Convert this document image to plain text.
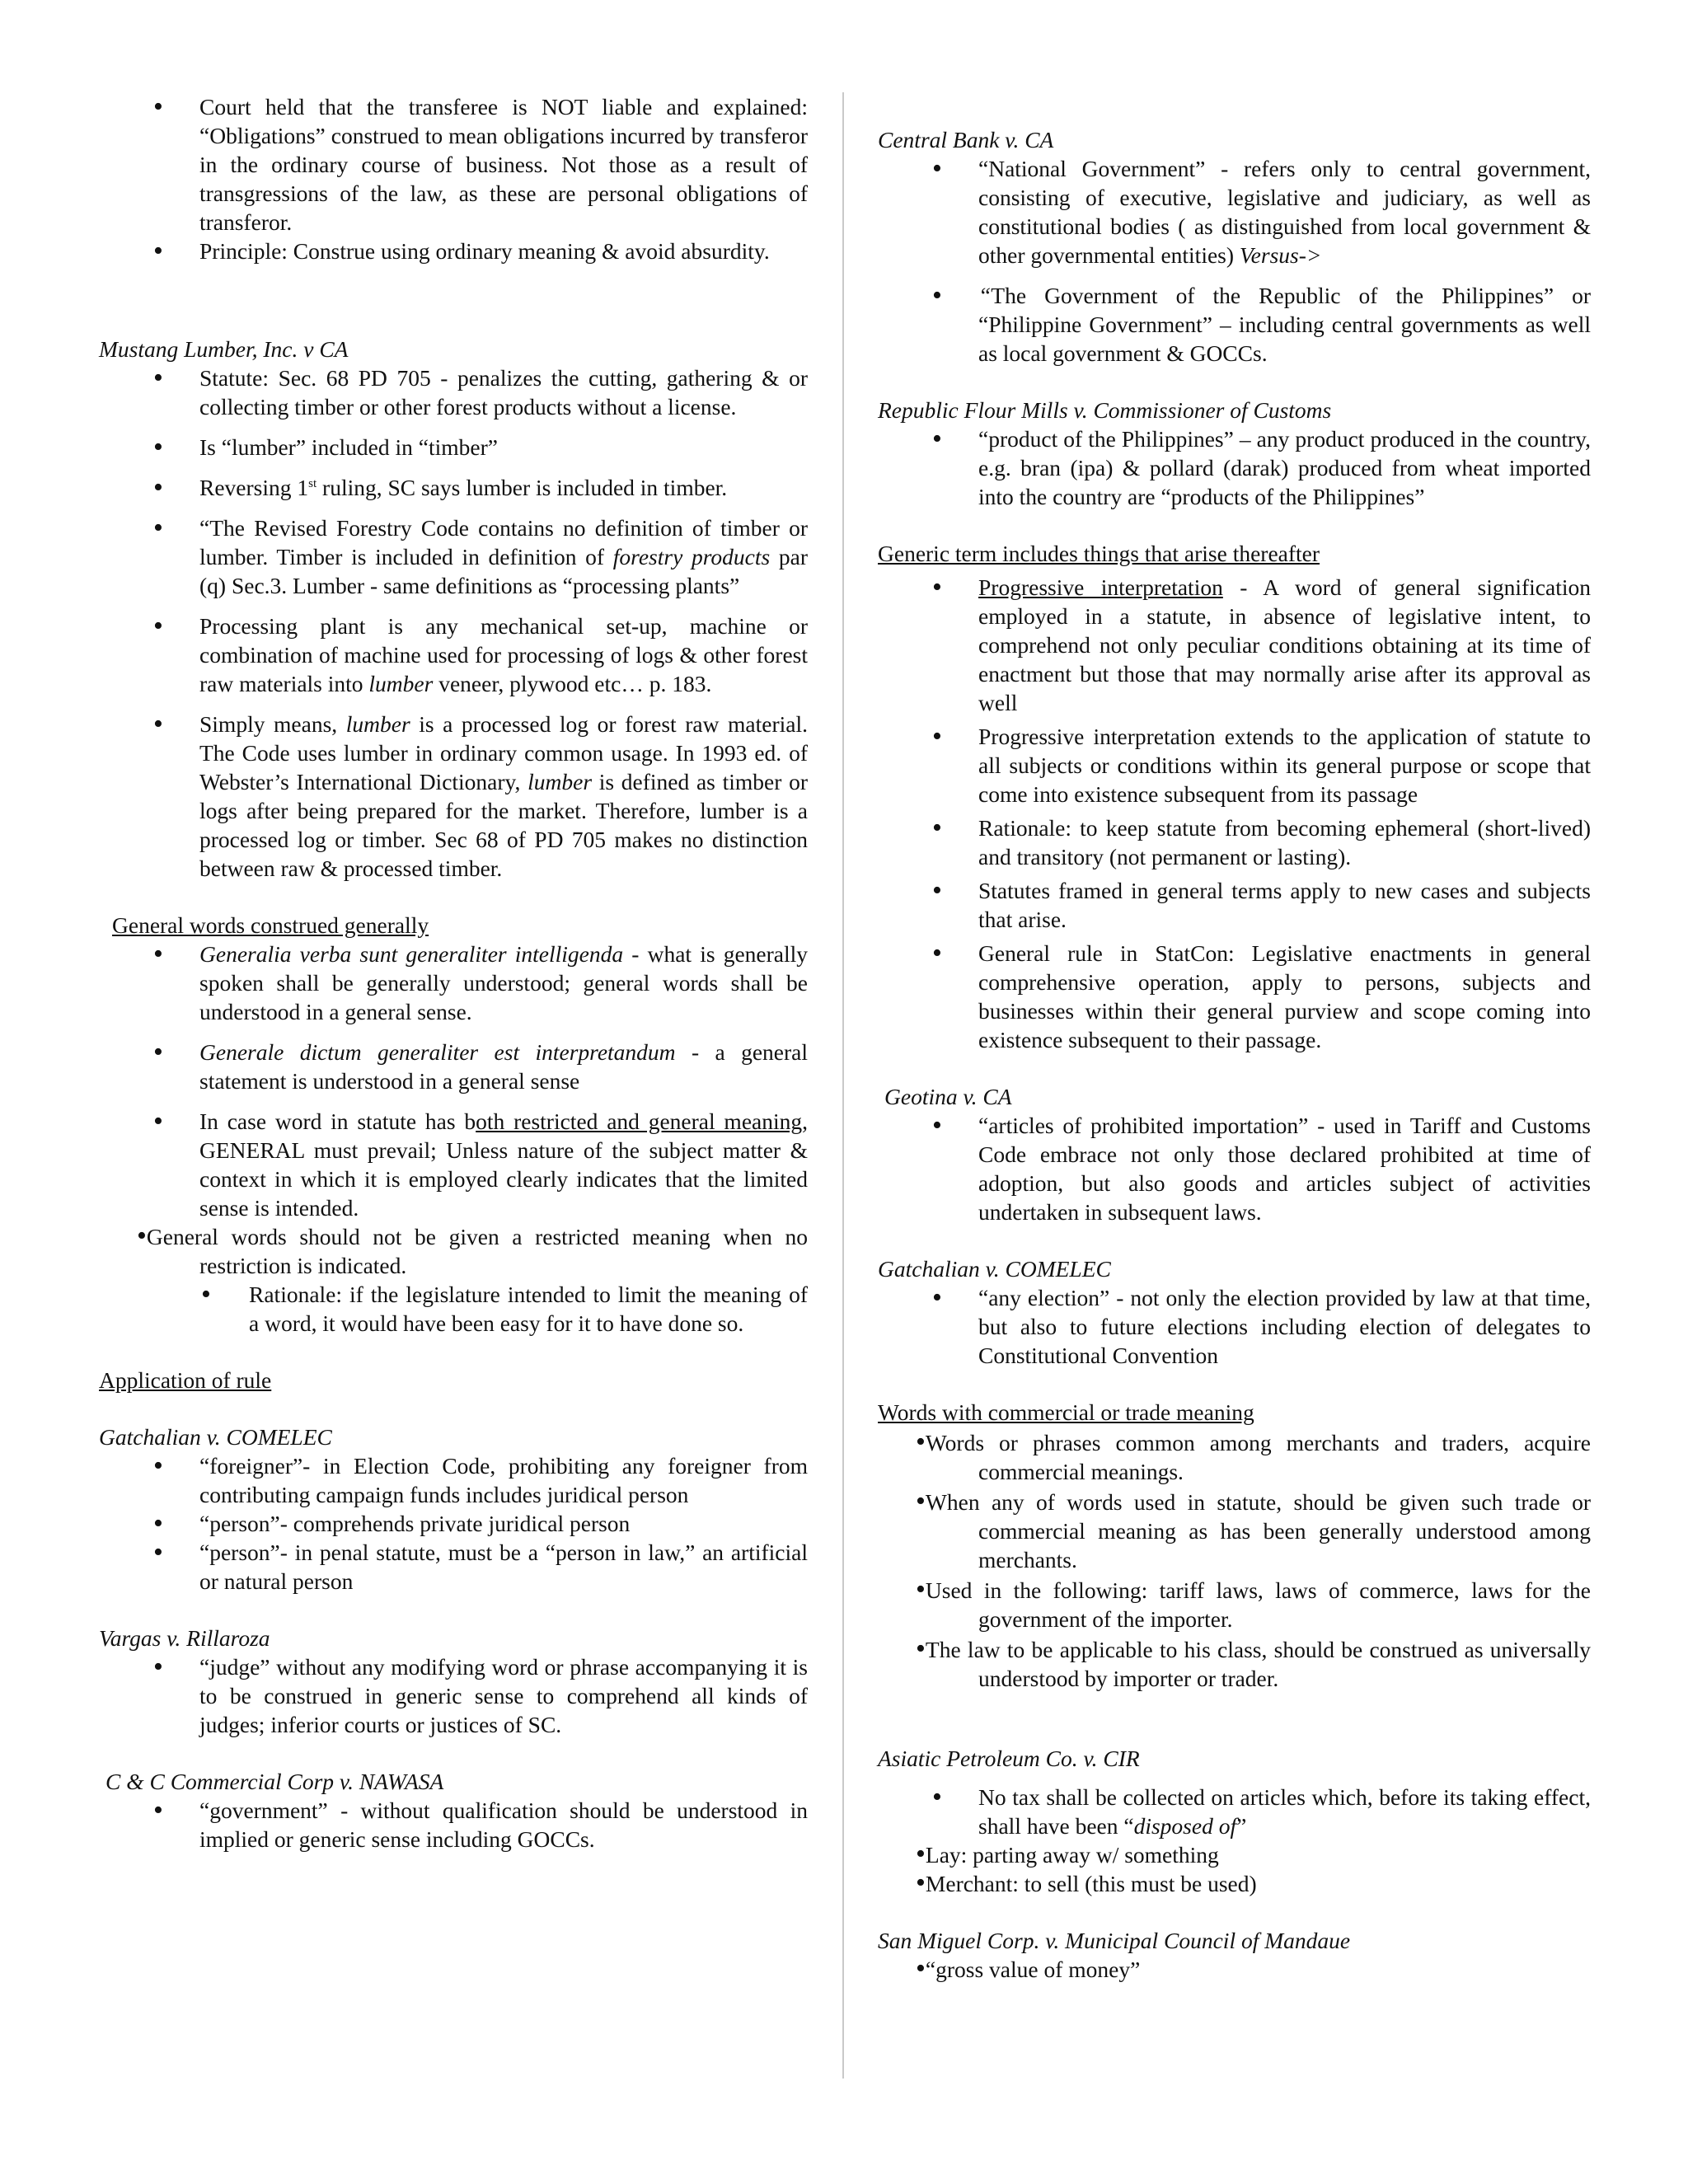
• Court held that the transferee is NOT liable and explained: “Obligations” construed to mean obligations incurred by transferor in the ordinary course of business. Not those as a result of transgressions of the law, as these are personal obligations of transferor.
• Principle: Construe using ordinary meaning & avoid absurdity.
Mustang Lumber, Inc. v CA
• Statute: Sec. 68 PD 705 - penalizes the cutting, gathering & or collecting timber or other forest products without a license.
• Is “lumber” included in “timber”
• Reversing 1st ruling, SC says lumber is included in timber.
• “The Revised Forestry Code contains no definition of timber or lumber. Timber is included in definition of forestry products par (q) Sec.3. Lumber - same definitions as “processing plants”
• Processing plant is any mechanical set-up, machine or combination of machine used for processing of logs & other forest raw materials into lumber veneer, plywood etc… p. 183.
• Simply means, lumber is a processed log or forest raw material. The Code uses lumber in ordinary common usage. In 1993 ed. of Webster’s International Dictionary, lumber is defined as timber or logs after being prepared for the market. Therefore, lumber is a processed log or timber. Sec 68 of PD 705 makes no distinction between raw & processed timber.
General words construed generally
• Generalia verba sunt generaliter intelligenda - what is generally spoken shall be generally understood; general words shall be understood in a general sense.
• Generale dictum generaliter est interpretandum - a general statement is understood in a general sense
• In case word in statute has both restricted and general meaning, GENERAL must prevail; Unless nature of the subject matter & context in which it is employed clearly indicates that the limited sense is intended.
• General words should not be given a restricted meaning when no restriction is indicated.
• Rationale: if the legislature intended to limit the meaning of a word, it would have been easy for it to have done so.
Application of rule
Gatchalian v. COMELEC
• “foreigner”- in Election Code, prohibiting any foreigner from contributing campaign funds includes juridical person
• “person”- comprehends private juridical person
• “person”- in penal statute, must be a “person in law,” an artificial or natural person
Vargas v. Rillaroza
• “judge” without any modifying word or phrase accompanying it is to be construed in generic sense to comprehend all kinds of judges; inferior courts or justices of SC.
C & C Commercial Corp v. NAWASA
• “government” - without qualification should be understood in implied or generic sense including GOCCs.
Central Bank v. CA
• “National Government” - refers only to central government, consisting of executive, legislative and judiciary, as well as constitutional bodies ( as distinguished from local government & other governmental entities) Versus->
• “The Government of the Republic of the Philippines” or “Philippine Government” – including central governments as well as local government & GOCCs.
Republic Flour Mills v. Commissioner of Customs
• “product of the Philippines” – any product produced in the country, e.g. bran (ipa) & pollard (darak) produced from wheat imported into the country are “products of the Philippines”
Generic term includes things that arise thereafter
• Progressive interpretation - A word of general signification employed in a statute, in absence of legislative intent, to comprehend not only peculiar conditions obtaining at its time of enactment but those that may normally arise after its approval as well
• Progressive interpretation extends to the application of statute to all subjects or conditions within its general purpose or scope that come into existence subsequent from its passage
• Rationale: to keep statute from becoming ephemeral (short-lived) and transitory (not permanent or lasting).
• Statutes framed in general terms apply to new cases and subjects that arise.
• General rule in StatCon: Legislative enactments in general comprehensive operation, apply to persons, subjects and businesses within their general purview and scope coming into existence subsequent to their passage.
Geotina v. CA
• “articles of prohibited importation” - used in Tariff and Customs Code embrace not only those declared prohibited at time of adoption, but also goods and articles subject of activities undertaken in subsequent laws.
Gatchalian v. COMELEC
• “any election” - not only the election provided by law at that time, but also to future elections including election of delegates to Constitutional Convention
Words with commercial or trade meaning
• Words or phrases common among merchants and traders, acquire commercial meanings.
• When any of words used in statute, should be given such trade or commercial meaning as has been generally understood among merchants.
• Used in the following: tariff laws, laws of commerce, laws for the government of the importer.
• The law to be applicable to his class, should be construed as universally understood by importer or trader.
Asiatic Petroleum Co. v. CIR
• No tax shall be collected on articles which, before its taking effect, shall have been “disposed of”
• Lay: parting away w/ something
• Merchant: to sell (this must be used)
San Miguel Corp. v. Municipal Council of Mandaue
• “gross value of money”
